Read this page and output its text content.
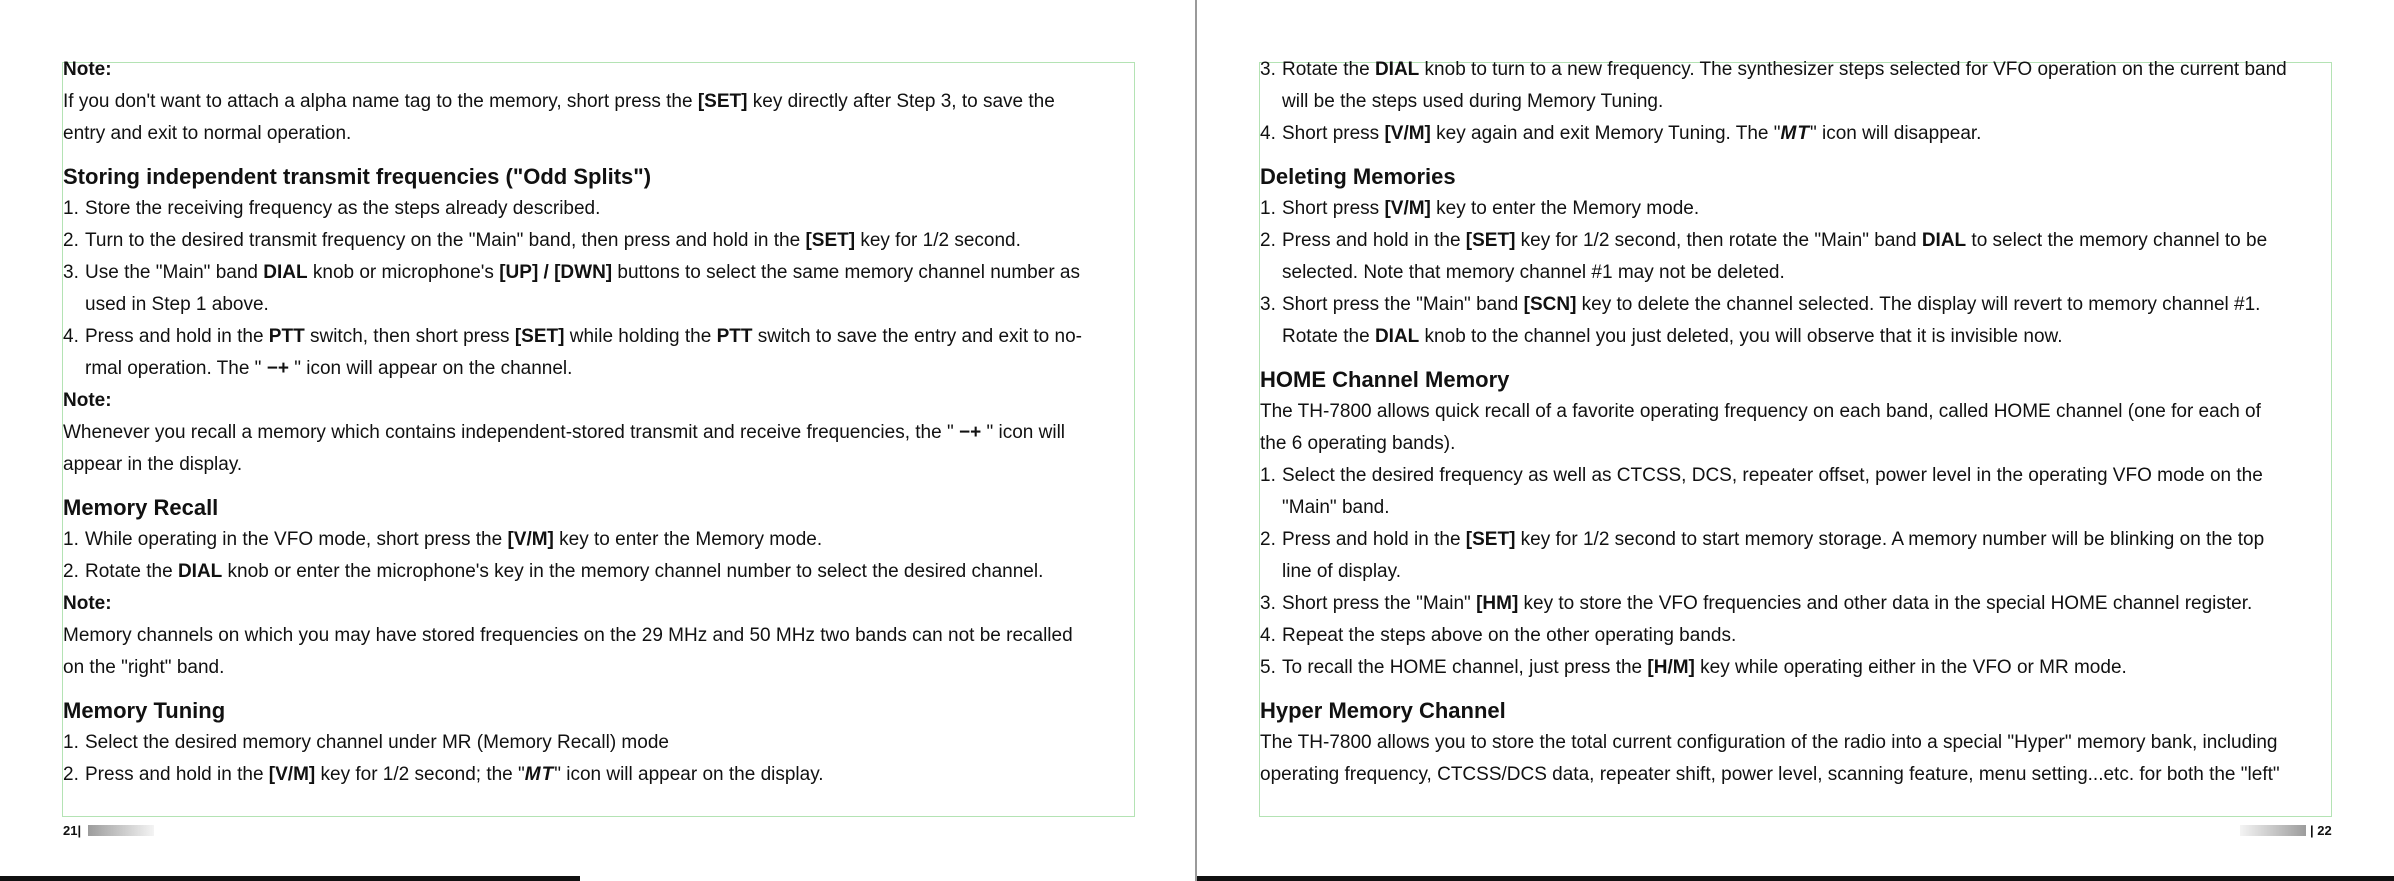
Note:

If you don't want to attach a alpha name tag to the memory, short press the [SET] key directly after Step 3, to save the

entry and exit to normal operation.

Storing independent transmit frequencies ("Odd Splits")
1. Store the receiving frequency as the steps already described.
2. Turn to the desired transmit frequency on the "Main" band, then press and hold in the [SET] key for 1/2 second.
3. Use the "Main" band DIAL knob or microphone's [UP] / [DWN] buttons to select the same memory channel number as
used in Step 1 above.
4. Press and hold in the PTT switch, then short press [SET] while holding the PTT switch to save the entry and exit to no-
rmal operation. The " −+ " icon will appear on the channel.

Note:

Whenever you recall a memory which contains independent-stored transmit and receive frequencies, the " −+ " icon will

appear in the display.

Memory Recall
1. While operating in the VFO mode, short press the [V/M] key to enter the Memory mode.
2. Rotate the DIAL knob or enter the microphone's key in the memory channel number to select the desired channel.

Note:

Memory channels on which you may have stored frequencies on the 29 MHz and 50 MHz two bands can not be recalled

on the "right" band.

Memory Tuning
1. Select the desired memory channel under MR (Memory Recall) mode
2. Press and hold in the [V/M] key for 1/2 second; the "MT" icon will appear on the display.
21|
3. Rotate the DIAL knob to turn to a new frequency. The synthesizer steps selected for VFO operation on the current band
will be the steps used during Memory Tuning.
4. Short press [V/M] key again and exit Memory Tuning. The "MT" icon will disappear.
Deleting Memories
1. Short press [V/M] key to enter the Memory mode.
2. Press and hold in the [SET] key for 1/2 second, then rotate the "Main" band DIAL to select the memory channel to be
selected. Note that memory channel #1 may not be deleted.
3. Short press the "Main" band [SCN] key to delete the channel selected. The display will revert to memory channel #1.
Rotate the DIAL knob to the channel you just deleted, you will observe that it is invisible now.
HOME Channel Memory

The TH-7800 allows quick recall of a favorite operating frequency on each band, called HOME channel (one for each of

the 6 operating bands).

1. Select the desired frequency as well as CTCSS, DCS, repeater offset, power level in the operating VFO mode on the
"Main" band.
2. Press and hold in the [SET] key for 1/2 second to start memory storage. A memory number will be blinking on the top
line of display.
3. Short press the "Main" [HM] key to store the VFO frequencies and other data in the special HOME channel register.
4. Repeat the steps above on the other operating bands.
5. To recall the HOME channel, just press the [H/M] key while operating either in the VFO or MR mode.
Hyper Memory Channel

The TH-7800 allows you to store the total current configuration of the radio into a special "Hyper" memory bank, including

operating frequency, CTCSS/DCS data, repeater shift, power level, scanning feature, menu setting...etc. for both the "left"

| 22
